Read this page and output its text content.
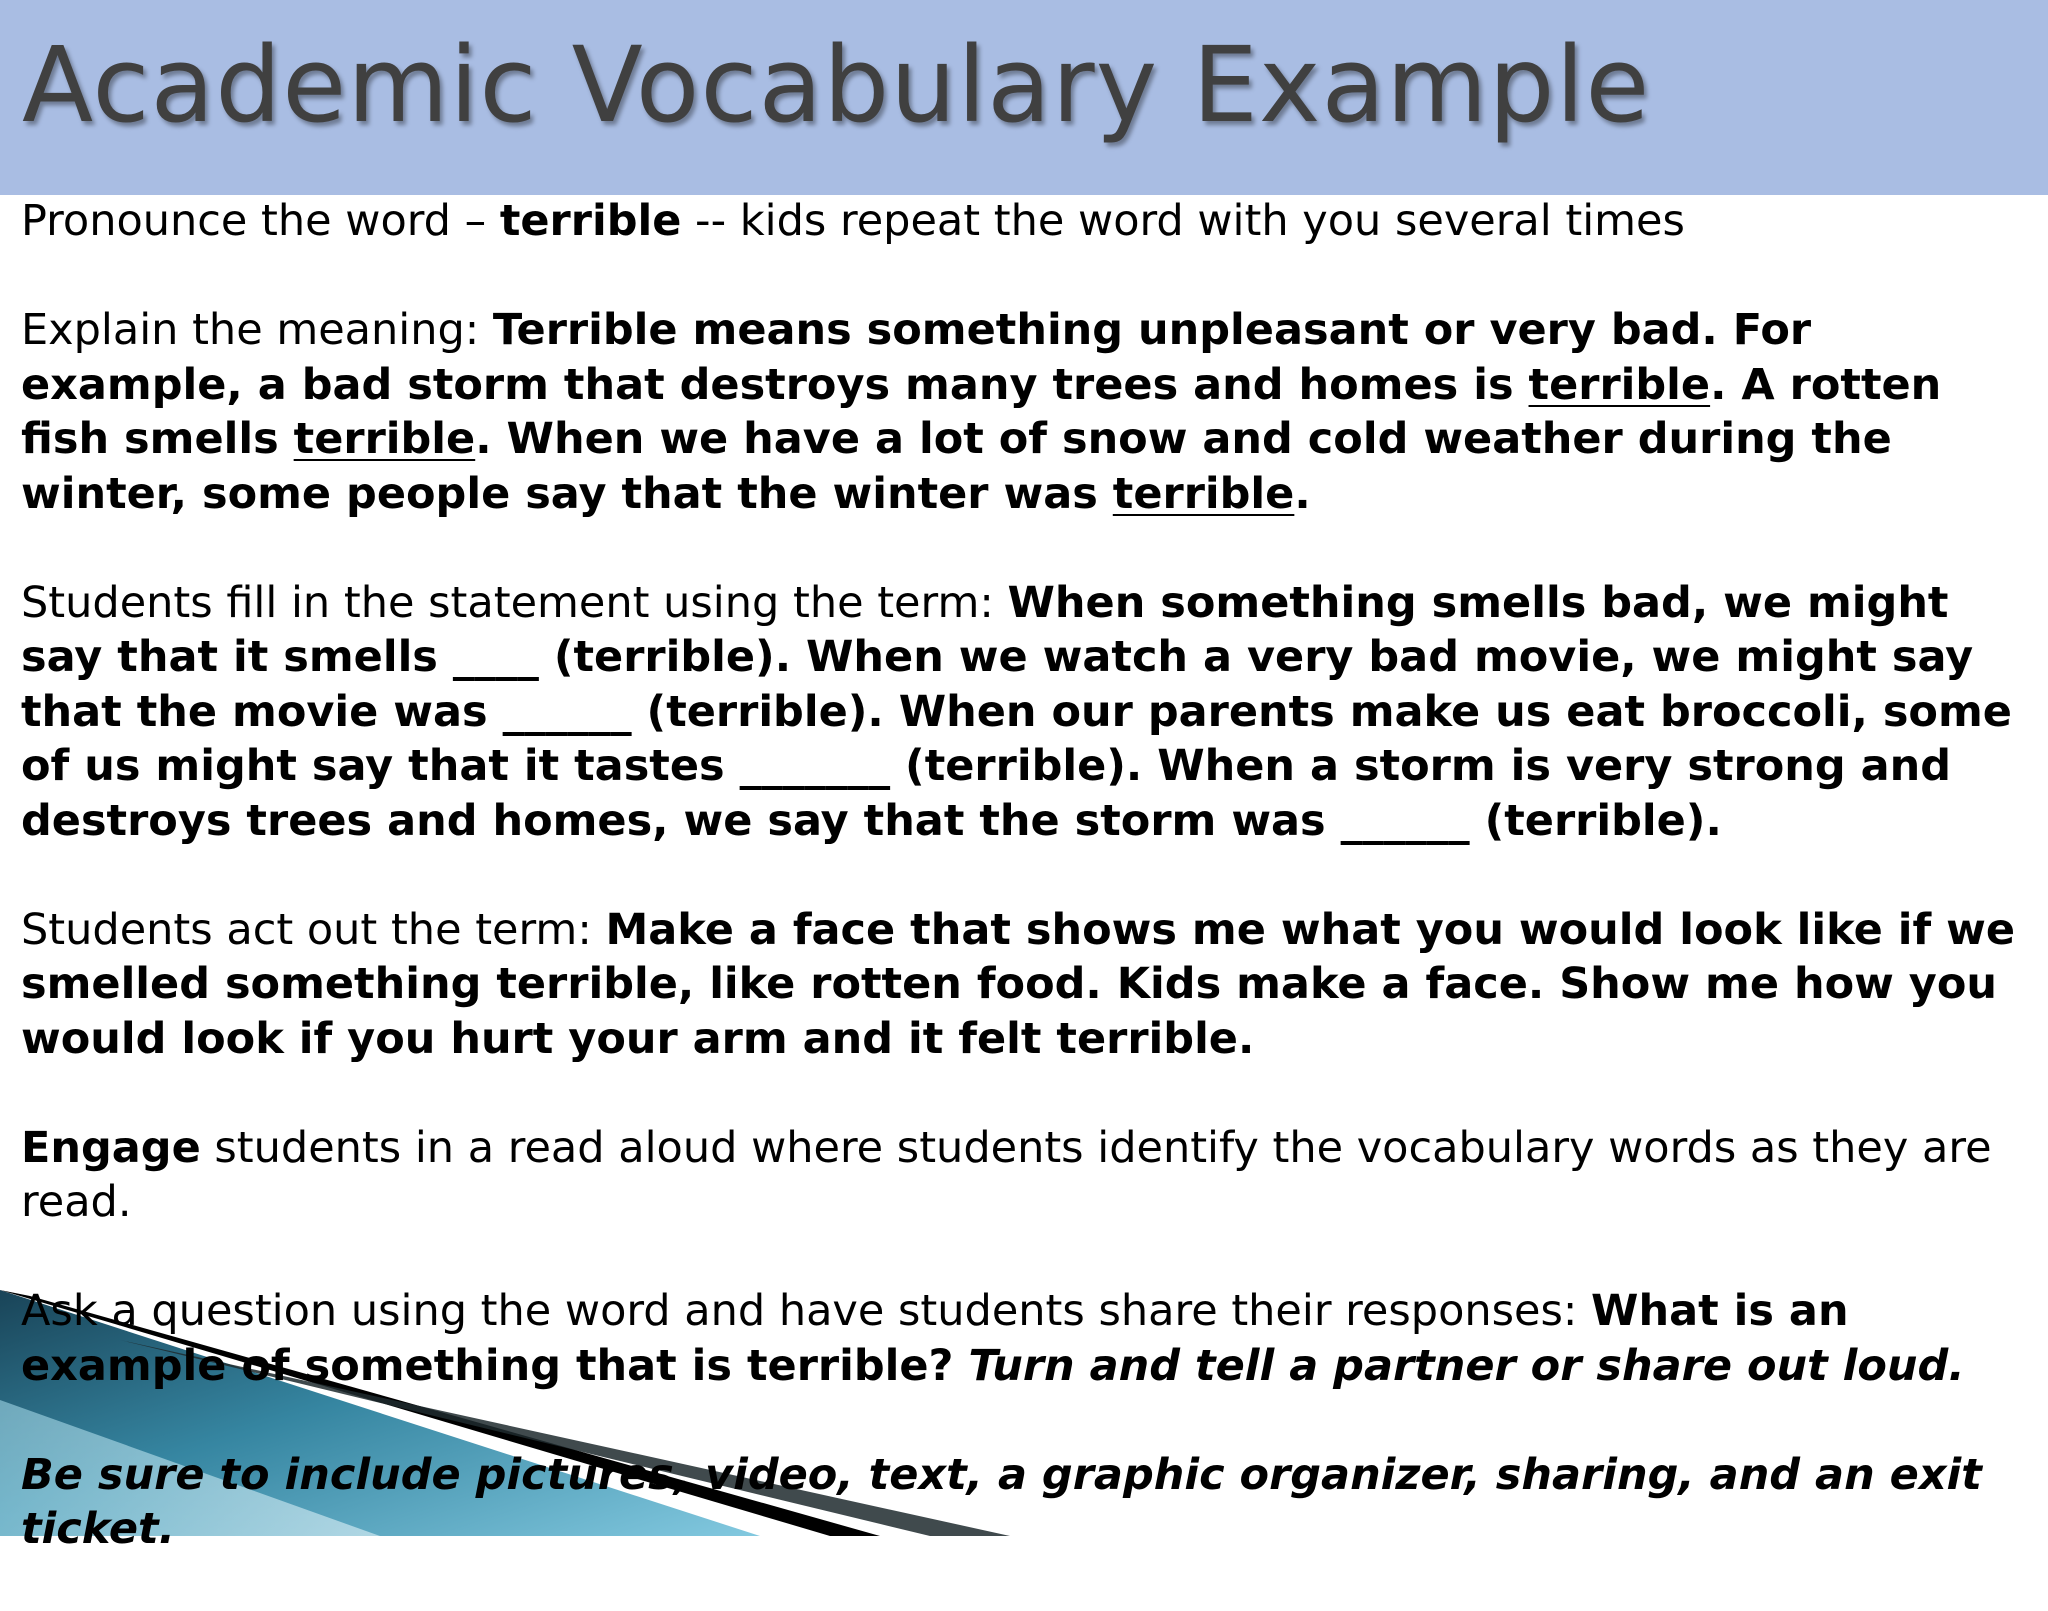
Academic Vocabulary Example

Pronounce the word – terrible -- kids repeat the word with you several times

Explain the meaning: Terrible means something unpleasant or very bad. For example, a bad storm that destroys many trees and homes is terrible. A rotten fish smells terrible. When we have a lot of snow and cold weather during the winter, some people say that the winter was terrible.

Students fill in the statement using the term: When something smells bad, we might say that it smells ____ (terrible). When we watch a very bad movie, we might say that the movie was ______ (terrible). When our parents make us eat broccoli, some of us might say that it tastes _______ (terrible). When a storm is very strong and destroys trees and homes, we say that the storm was ______ (terrible).

Students act out the term: Make a face that shows me what you would look like if we smelled something terrible, like rotten food. Kids make a face. Show me how you would look if you hurt your arm and it felt terrible.

Engage students in a read aloud where students identify the vocabulary words as they are read.

Ask a question using the word and have students share their responses: What is an example of something that is terrible? Turn and tell a partner or share out loud.

Be sure to include pictures, video, text, a graphic organizer, sharing, and an exit ticket.
